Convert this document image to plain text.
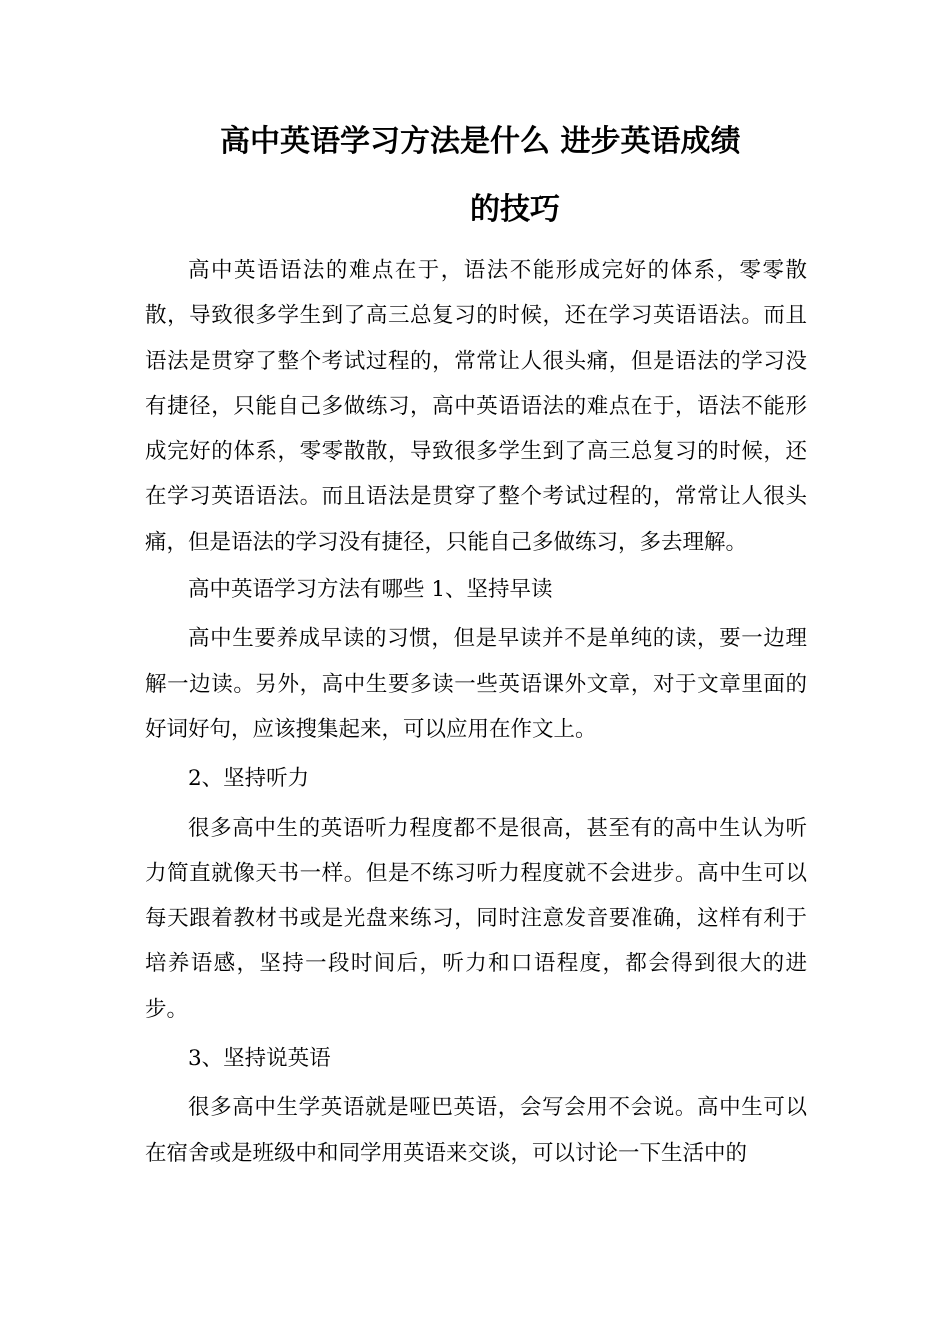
高中英语学习方法是什么 进步英语成绩
的技巧

高中英语语法的难点在于，语法不能形成完好的体系，零零散散，导致很多学生到了高三总复习的时候，还在学习英语语法。而且语法是贯穿了整个考试过程的，常常让人很头痛，但是语法的学习没有捷径，只能自己多做练习，高中英语语法的难点在于，语法不能形成完好的体系，零零散散，导致很多学生到了高三总复习的时候，还在学习英语语法。而且语法是贯穿了整个考试过程的，常常让人很头痛，但是语法的学习没有捷径，只能自己多做练习，多去理解。

高中英语学习方法有哪些 1、坚持早读

高中生要养成早读的习惯，但是早读并不是单纯的读，要一边理解一边读。另外，高中生要多读一些英语课外文章，对于文章里面的好词好句，应该搜集起来，可以应用在作文上。

2、坚持听力

很多高中生的英语听力程度都不是很高，甚至有的高中生认为听力简直就像天书一样。但是不练习听力程度就不会进步。高中生可以每天跟着教材书或是光盘来练习，同时注意发音要准确，这样有利于培养语感，坚持一段时间后，听力和口语程度，都会得到很大的进步。

3、坚持说英语

很多高中生学英语就是哑巴英语，会写会用不会说。高中生可以在宿舍或是班级中和同学用英语来交谈，可以讨论一下生活中的
